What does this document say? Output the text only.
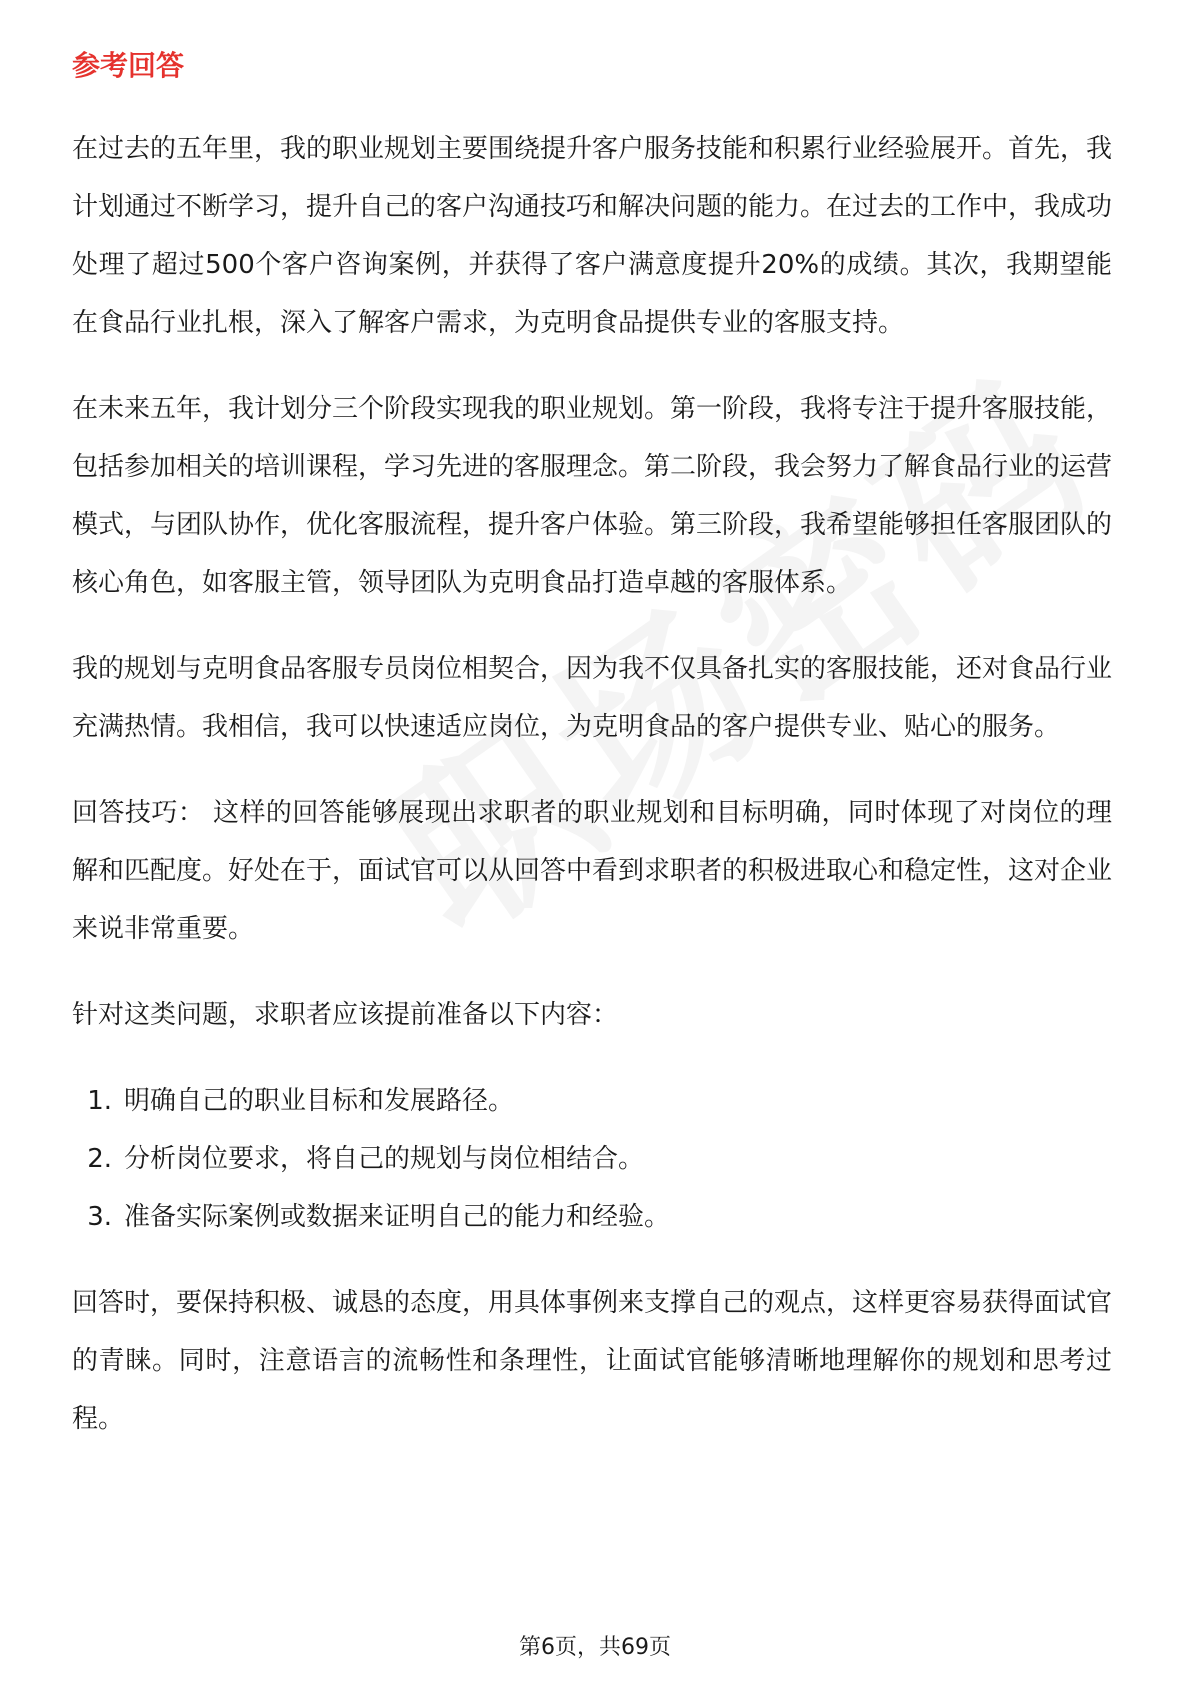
参考回答

在过去的五年里，我的职业规划主要围绕提升客户服务技能和积累行业经验展开。首先，我计划通过不断学习，提升自己的客户沟通技巧和解决问题的能力。在过去的工作中，我成功处理了超过500个客户咨询案例，并获得了客户满意度提升20%的成绩。其次，我期望能在食品行业扎根，深入了解客户需求，为克明食品提供专业的客服支持。

在未来五年，我计划分三个阶段实现我的职业规划。第一阶段，我将专注于提升客服技能，包括参加相关的培训课程，学习先进的客服理念。第二阶段，我会努力了解食品行业的运营模式，与团队协作，优化客服流程，提升客户体验。第三阶段，我希望能够担任客服团队的核心角色，如客服主管，领导团队为克明食品打造卓越的客服体系。

我的规划与克明食品客服专员岗位相契合，因为我不仅具备扎实的客服技能，还对食品行业充满热情。我相信，我可以快速适应岗位，为克明食品的客户提供专业、贴心的服务。

回答技巧： 这样的回答能够展现出求职者的职业规划和目标明确，同时体现了对岗位的理解和匹配度。好处在于，面试官可以从回答中看到求职者的积极进取心和稳定性，这对企业来说非常重要。

针对这类问题，求职者应该提前准备以下内容：

1. 明确自己的职业目标和发展路径。
2. 分析岗位要求，将自己的规划与岗位相结合。
3. 准备实际案例或数据来证明自己的能力和经验。

回答时，要保持积极、诚恳的态度，用具体事例来支撑自己的观点，这样更容易获得面试官的青睐。同时，注意语言的流畅性和条理性，让面试官能够清晰地理解你的规划和思考过程。

第6页，共69页
